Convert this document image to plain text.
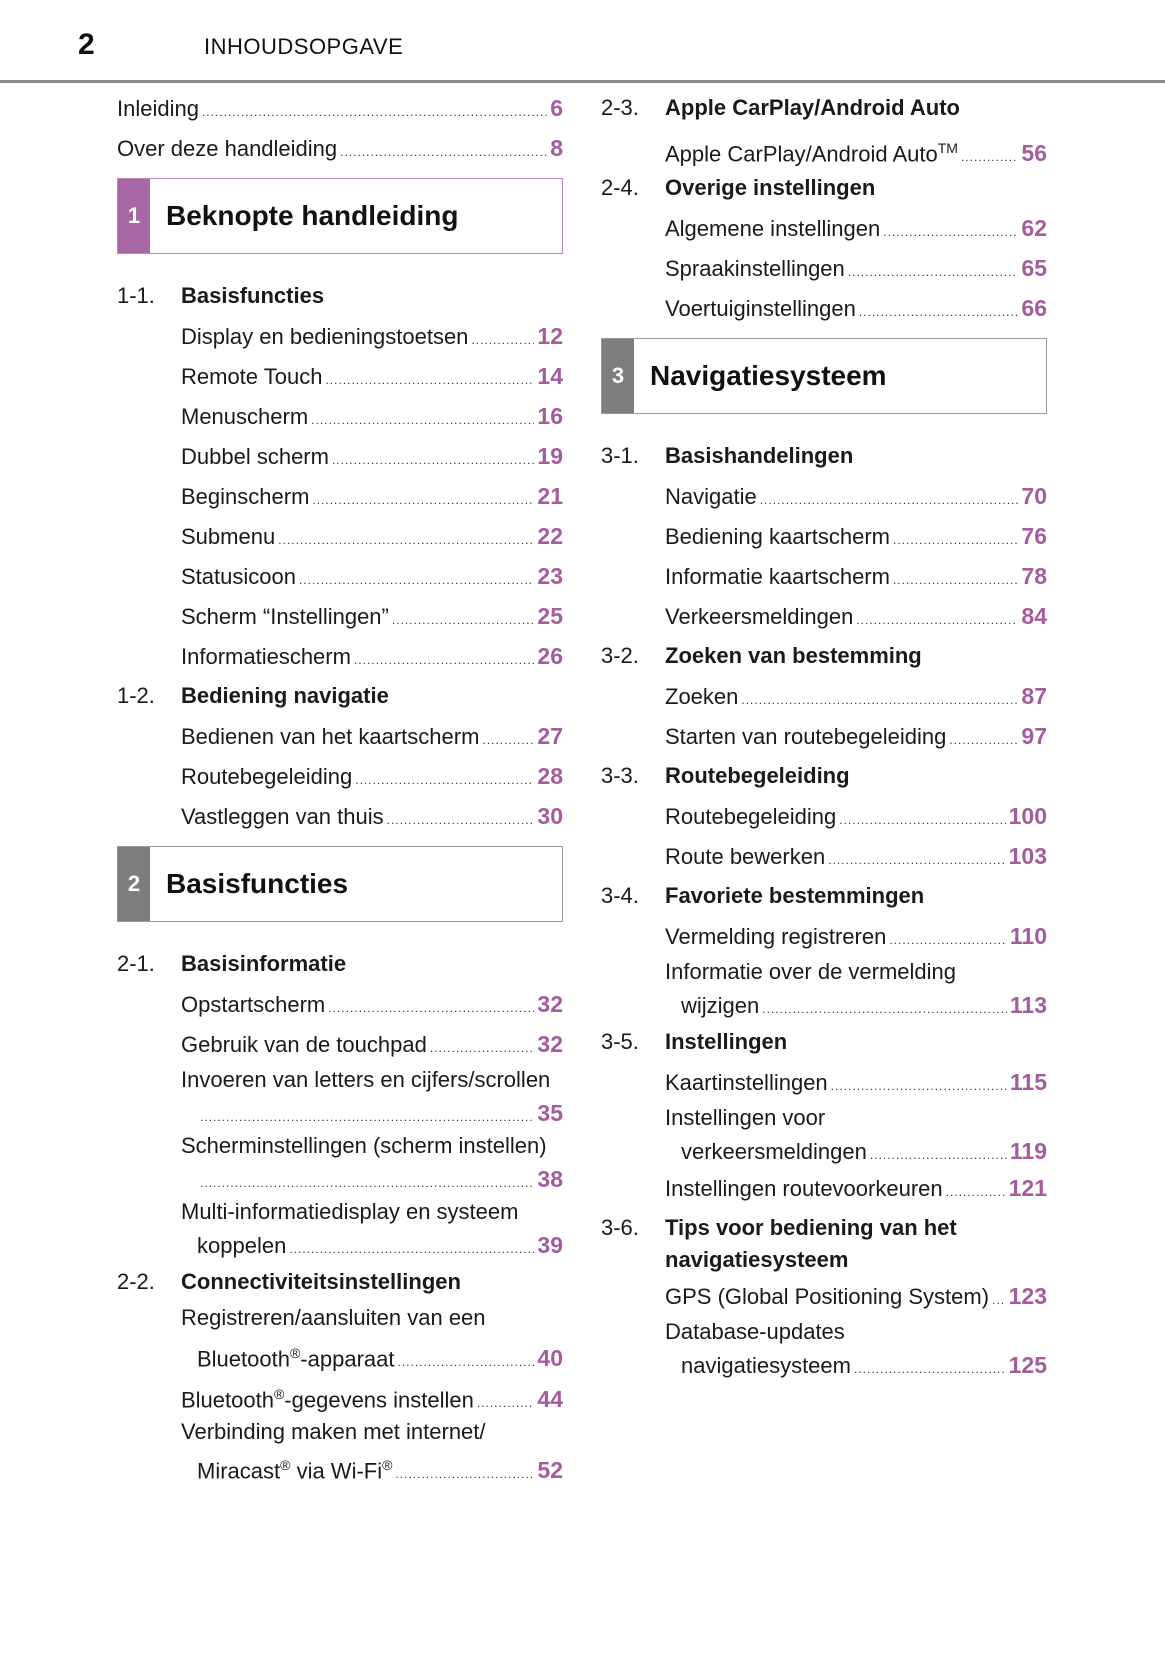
2	INHOUDSOPGAVE
Inleiding .....	6
Over deze handleiding .....	8
1 Beknopte handleiding
1-1.	Basisfuncties
Display en bedieningstoetsen .....	12
Remote Touch .....	14
Menuscherm .....	16
Dubbel scherm .....	19
Beginscherm .....	21
Submenu .....	22
Statusicoon .....	23
Scherm “Instellingen” .....	25
Informatiescherm .....	26
1-2.	Bediening navigatie
Bedienen van het kaartscherm .....	27
Routebegeleiding .....	28
Vastleggen van thuis .....	30
2 Basisfuncties
2-1.	Basisinformatie
Opstartscherm .....	32
Gebruik van de touchpad .....	32
Invoeren van letters en cijfers/scrollen
.....
35
Scherminstellingen (scherm instellen)
.....
38
Multi-informatiedisplay en systeem
koppelen .....	39
2-2.	Connectiviteitsinstellingen
Registreren/aansluiten van een
Bluetooth®-apparaat .....	40
Bluetooth®-gegevens instellen .....	44
Verbinding maken met internet/
Miracast® via Wi-Fi® .....	52
2-3.	Apple CarPlay/Android Auto
Apple CarPlay/Android Auto™ .....	56
2-4.	Overige instellingen
Algemene instellingen .....	62
Spraakinstellingen .....	65
Voertuiginstellingen .....	66
3 Navigatiesysteem
3-1.	Basishandelingen
Navigatie .....	70
Bediening kaartscherm .....	76
Informatie kaartscherm .....	78
Verkeersmeldingen .....	84
3-2.	Zoeken van bestemming
Zoeken .....	87
Starten van routebegeleiding .....	97
3-3.	Routebegeleiding
Routebegeleiding .....	100
Route bewerken .....	103
3-4.	Favoriete bestemmingen
Vermelding registreren .....	110
Informatie over de vermelding
wijzigen .....	113
3-5.	Instellingen
Kaartinstellingen .....	115
Instellingen voor
verkeersmeldingen .....	119
Instellingen routevoorkeuren .....	121
3-6.	Tips voor bediening van het
navigatiesysteem
GPS (Global Positioning System) ..... 123
Database-updates
navigatiesysteem .....	125
